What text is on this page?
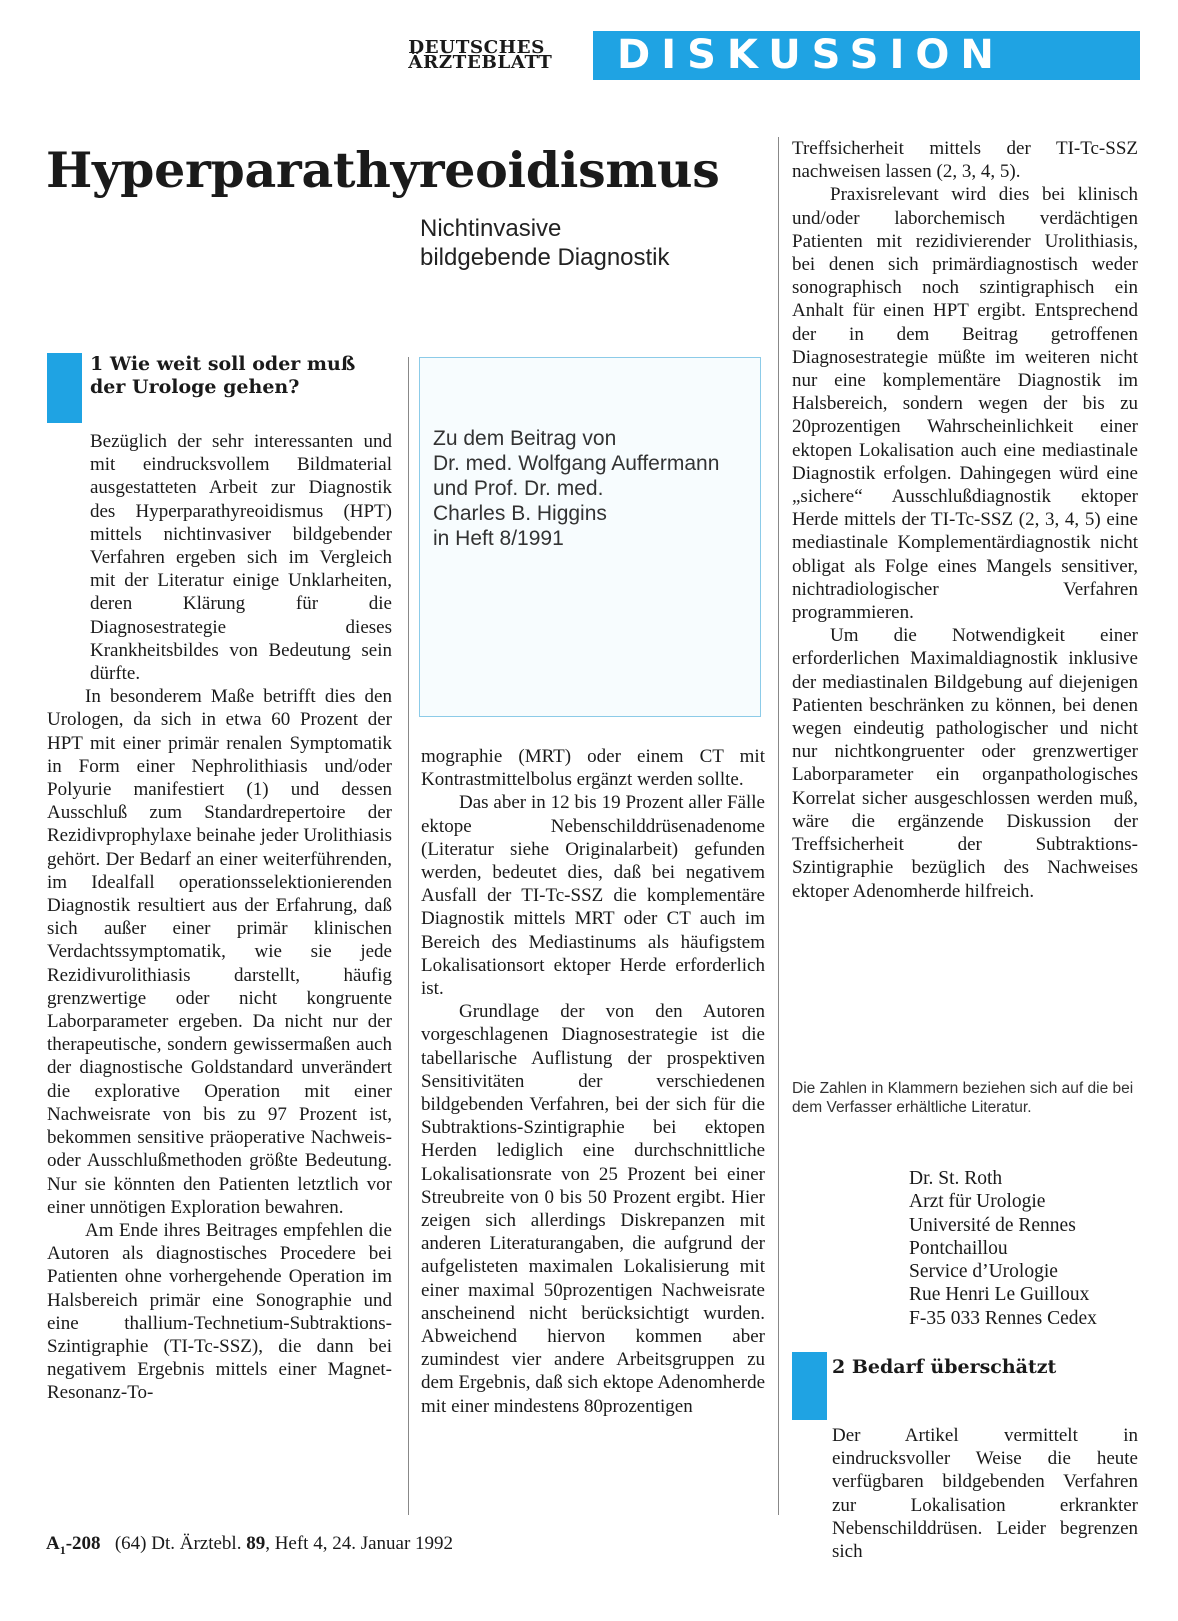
DEUTSCHES
ÄRZTEBLATT	DISKUSSION
Hyperparathyreoidismus
Nichtinvasive
bildgebende Diagnostik
1 Wie weit soll oder muß
der Urologe gehen?

Bezüglich der sehr interessanten und mit eindrucksvollem Bildmaterial ausgestatteten Arbeit zur Diagnostik des Hyperparathyreoidismus (HPT) mittels nichtinvasiver bildgebender Verfahren ergeben sich im Vergleich mit der Literatur einige Unklarheiten, deren Klärung für die Diagnosestrategie dieses Krankheitsbildes von Bedeutung sein dürfte.

In besonderem Maße betrifft dies den Urologen, da sich in etwa 60 Prozent der HPT mit einer primär renalen Symptomatik in Form einer Nephrolithiasis und/oder Polyurie manifestiert (1) und dessen Ausschluß zum Standardrepertoire der Rezidivprophylaxe beinahe jeder Urolithiasis gehört. Der Bedarf an einer weiterführenden, im Idealfall operationsselektionierenden Diagnostik resultiert aus der Erfahrung, daß sich außer einer primär klinischen Verdachtssymptomatik, wie sie jede Rezidivurolithiasis darstellt, häufig grenzwertige oder nicht kongruente Laborparameter ergeben. Da nicht nur der therapeutische, sondern gewissermaßen auch der diagnostische Goldstandard unverändert die explorative Operation mit einer Nachweisrate von bis zu 97 Prozent ist, bekommen sensitive präoperative Nachweis- oder Ausschlußmethoden größte Bedeutung. Nur sie könnten den Patienten letztlich vor einer unnötigen Exploration bewahren.

Am Ende ihres Beitrages empfehlen die Autoren als diagnostisches Procedere bei Patienten ohne vorhergehende Operation im Halsbereich primär eine Sonographie und eine thallium-Technetium-Subtraktions-Szintigraphie (TI-Tc-SSZ), die dann bei negativem Ergebnis mittels einer Magnet-Resonanz-To-

Zu dem Beitrag von
Dr. med. Wolfgang Auffermann
und Prof. Dr. med.
Charles B. Higgins
in Heft 8/1991

mographie (MRT) oder einem CT mit Kontrastmittelbolus ergänzt werden sollte.

Das aber in 12 bis 19 Prozent aller Fälle ektope Nebenschilddrüsenadenome (Literatur siehe Originalarbeit) gefunden werden, bedeutet dies, daß bei negativem Ausfall der TI-Tc-SSZ die komplementäre Diagnostik mittels MRT oder CT auch im Bereich des Mediastinums als häufigstem Lokalisationsort ektoper Herde erforderlich ist.

Grundlage der von den Autoren vorgeschlagenen Diagnosestrategie ist die tabellarische Auflistung der prospektiven Sensitivitäten der verschiedenen bildgebenden Verfahren, bei der sich für die Subtraktions-Szintigraphie bei ektopen Herden lediglich eine durchschnittliche Lokalisationsrate von 25 Prozent bei einer Streubreite von 0 bis 50 Prozent ergibt. Hier zeigen sich allerdings Diskrepanzen mit anderen Literaturangaben, die aufgrund der aufgelisteten maximalen Lokalisierung mit einer maximal 50prozentigen Nachweisrate anscheinend nicht berücksichtigt wurden. Abweichend hiervon kommen aber zumindest vier andere Arbeitsgruppen zu dem Ergebnis, daß sich ektope Adenomherde mit einer mindestens 80prozentigen

Treffsicherheit mittels der TI-Tc-SSZ nachweisen lassen (2, 3, 4, 5).

Praxisrelevant wird dies bei klinisch und/oder laborchemisch verdächtigen Patienten mit rezidivierender Urolithiasis, bei denen sich primärdiagnostisch weder sonographisch noch szintigraphisch ein Anhalt für einen HPT ergibt. Entsprechend der in dem Beitrag getroffenen Diagnosestrategie müßte im weiteren nicht nur eine komplementäre Diagnostik im Halsbereich, sondern wegen der bis zu 20prozentigen Wahrscheinlichkeit einer ektopen Lokalisation auch eine mediastinale Diagnostik erfolgen. Dahingegen würd eine „sichere“ Ausschlußdiagnostik ektoper Herde mittels der TI-Tc-SSZ (2, 3, 4, 5) eine mediastinale Komplementärdiagnostik nicht obligat als Folge eines Mangels sensitiver, nichtradiologischer Verfahren programmieren.

Um die Notwendigkeit einer erforderlichen Maximaldiagnostik inklusive der mediastinalen Bildgebung auf diejenigen Patienten beschränken zu können, bei denen wegen eindeutig pathologischer und nicht nur nichtkongruenter oder grenzwertiger Laborparameter ein organpathologisches Korrelat sicher ausgeschlossen werden muß, wäre die ergänzende Diskussion der Treffsicherheit der Subtraktions-Szintigraphie bezüglich des Nachweises ektoper Adenomherde hilfreich.

Die Zahlen in Klammern beziehen sich auf die bei dem Verfasser erhältliche Literatur.
Dr. St. Roth
Arzt für Urologie
Université de Rennes
Pontchaillou
Service d’Urologie
Rue Henri Le Guilloux
F-35 033 Rennes Cedex
2 Bedarf überschätzt

Der Artikel vermittelt in eindrucksvoller Weise die heute verfügbaren bildgebenden Verfahren zur Lokalisation erkrankter Nebenschilddrüsen. Leider begrenzen sich

$A_1-208$ (64) Dt. Ärztebl. 89, Heft 4, 24. Januar 1992
